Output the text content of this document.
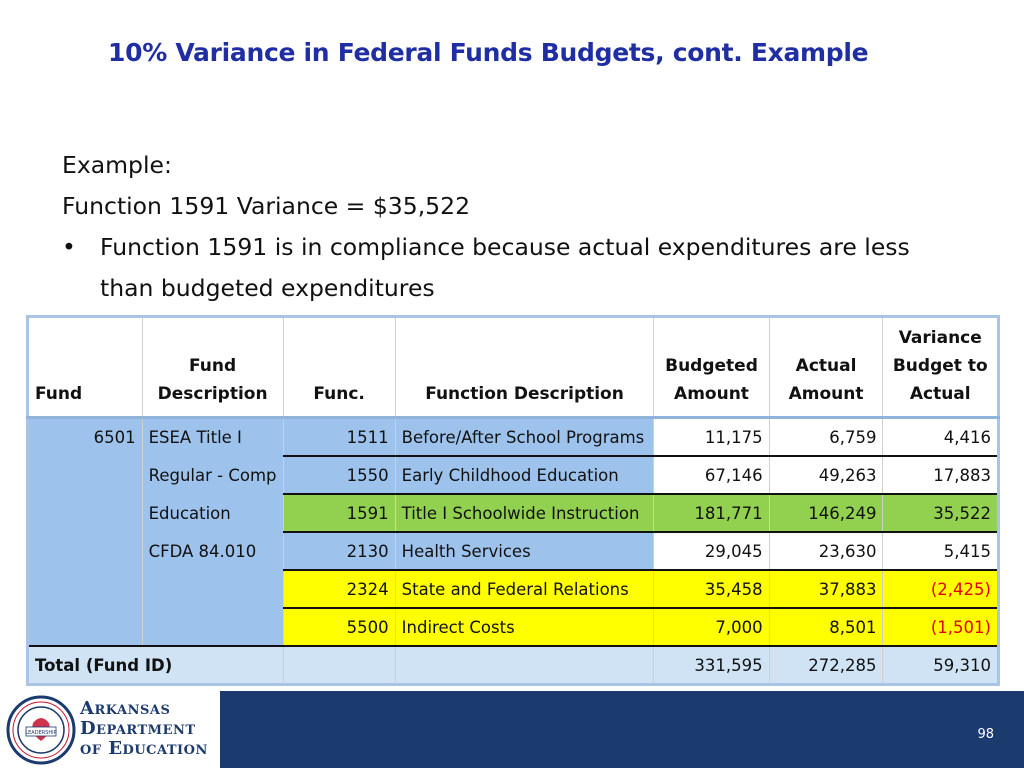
10% Variance in Federal Funds Budgets, cont. Example
Example:
Function 1591 Variance = $35,522
•	Function 1591 is in compliance because actual expenditures are less than budgeted expenditures
Fund	Fund Description	Func.	Function Description	Budgeted Amount	Actual Amount	Variance Budget to Actual
6501	ESEA Title I	1511	Before/After School Programs	11,175	6,759	4,416
	Regular - Comp	1550	Early Childhood Education	67,146	49,263	17,883
	Education	1591	Title I Schoolwide Instruction	181,771	146,249	35,522
	CFDA 84.010	2130	Health Services	29,045	23,630	5,415
		2324	State and Federal Relations	35,458	37,883	(2,425)
		5500	Indirect Costs	7,000	8,501	(1,501)
Total (Fund ID)				331,595	272,285	59,310
LEADERSHIP
Arkansas
Department
of Education
98
